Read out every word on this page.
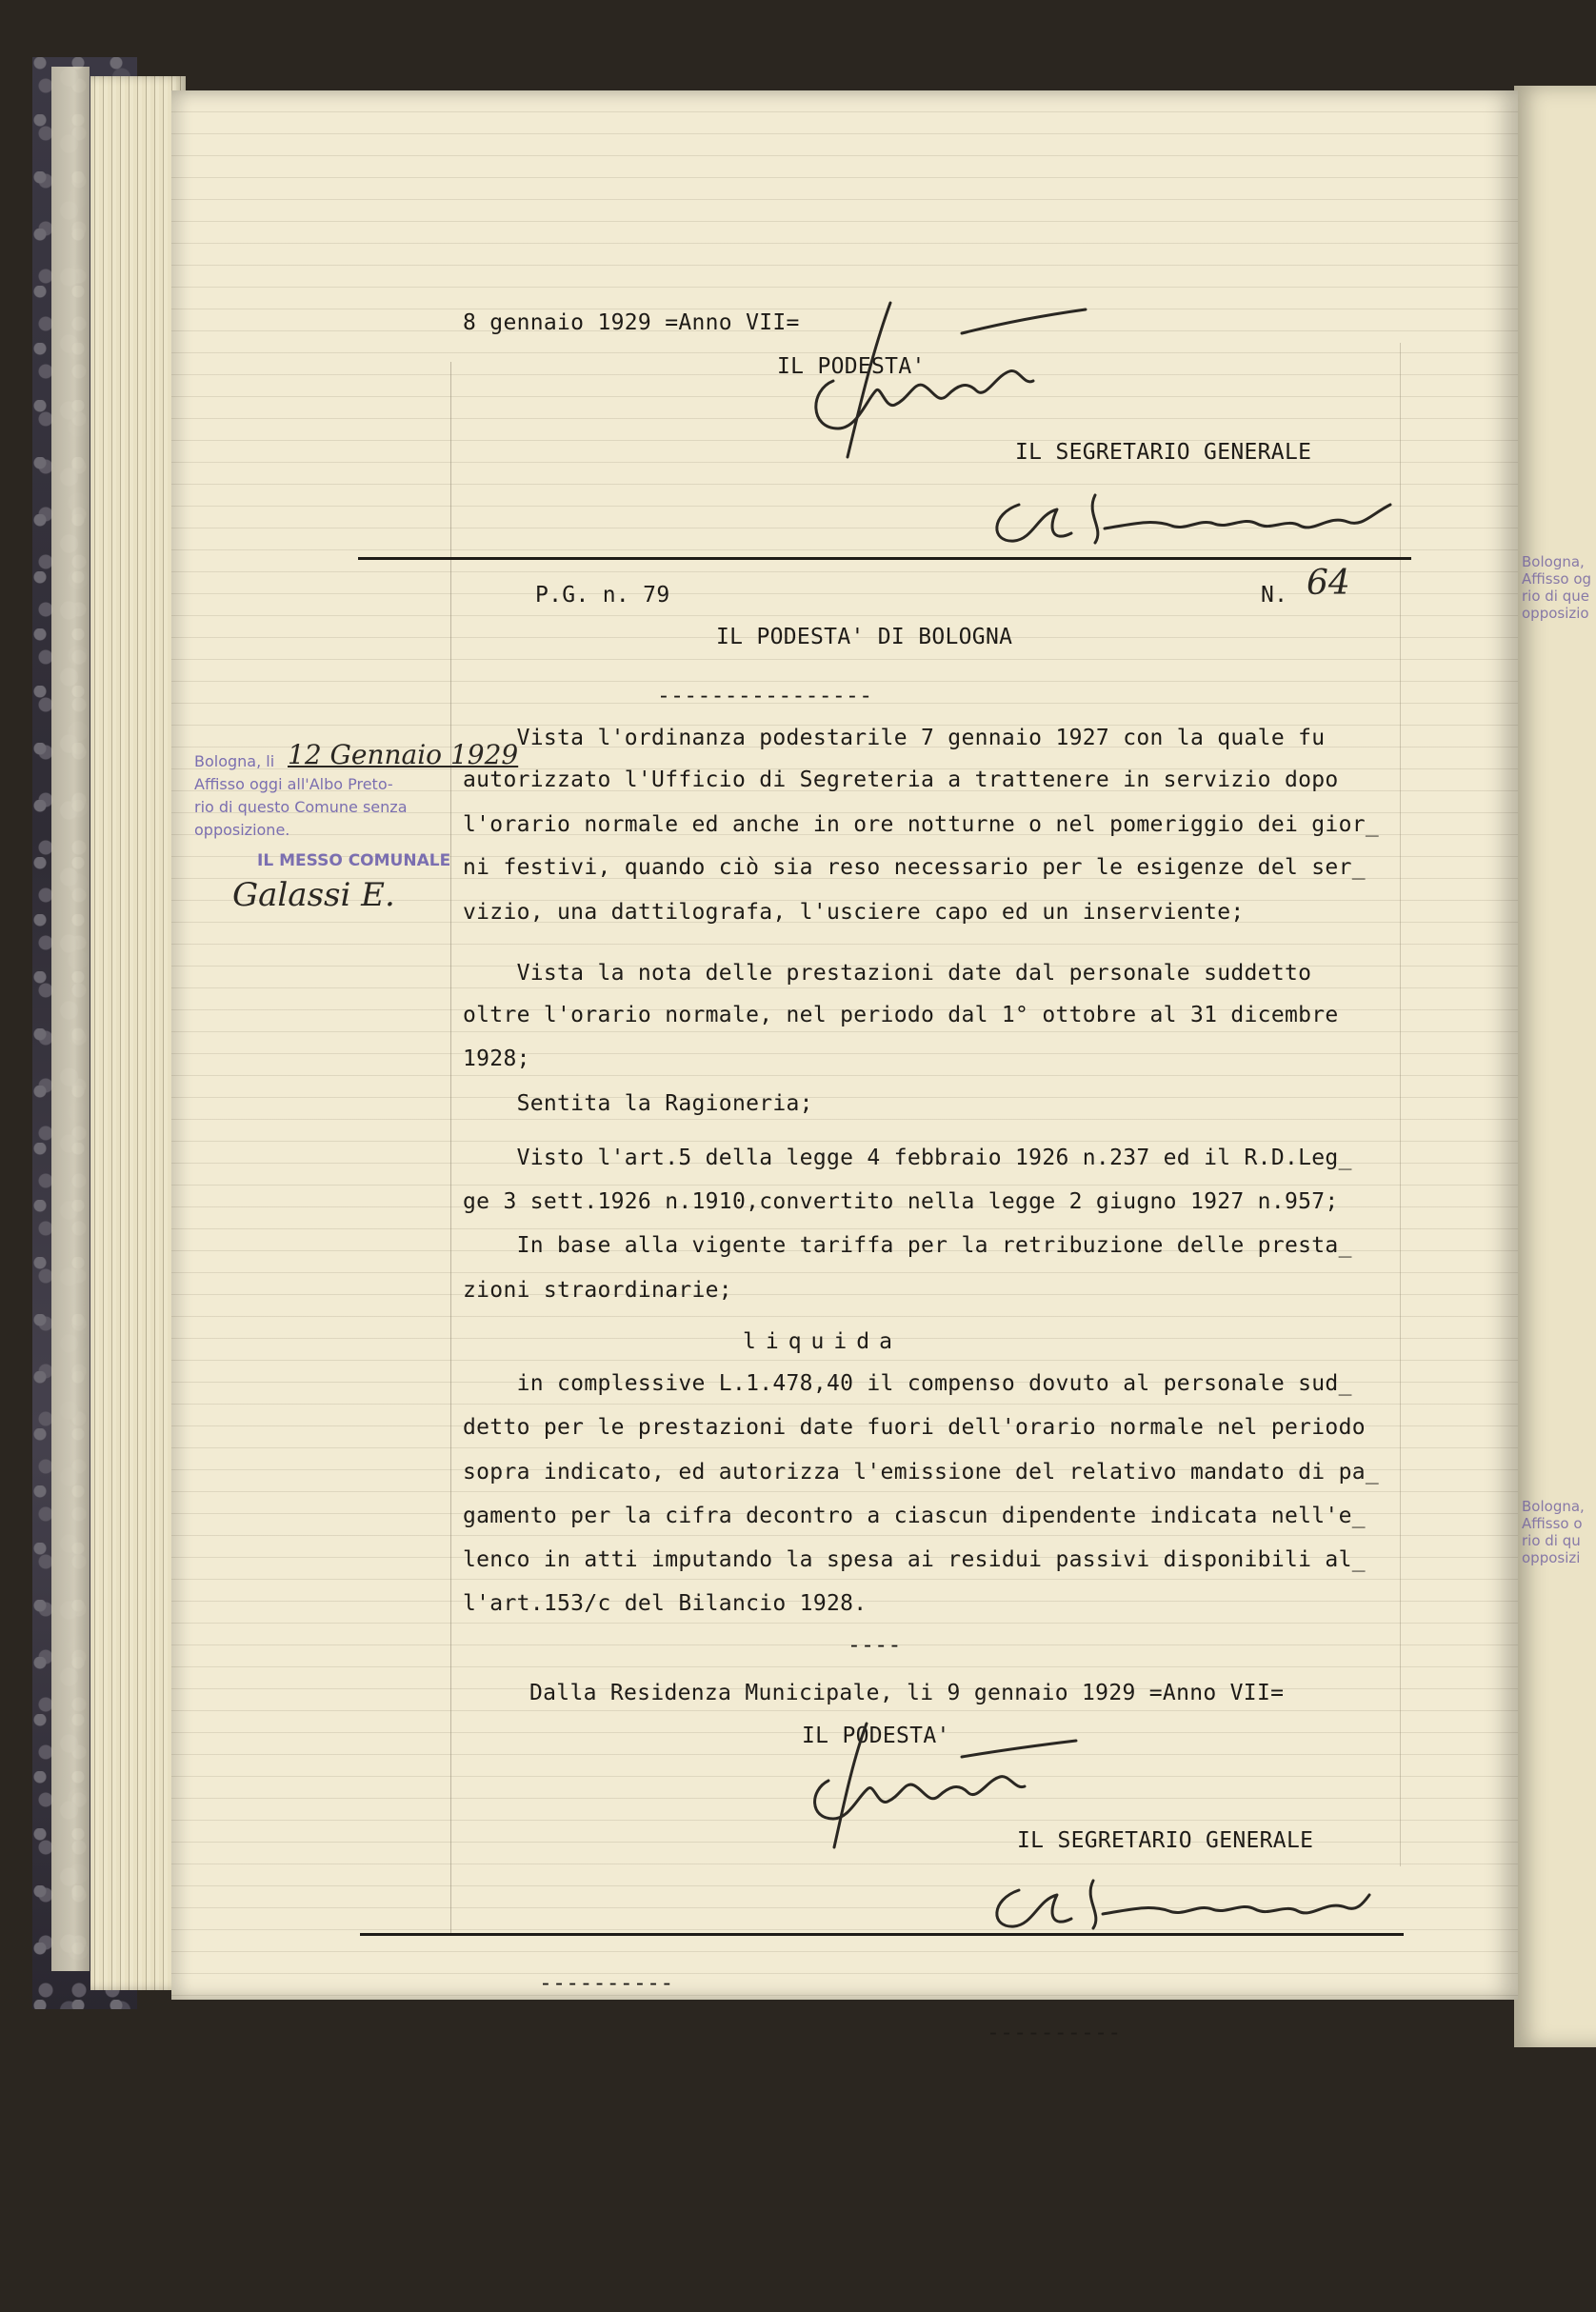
Bologna,
Affisso og
rio di que
opposizio

Bologna,
Affisso o
rio di qu
opposizi

8 gennaio 1929 =Anno VII=

IL PODESTA'

IL SEGRETARIO GENERALE

P.G. n. 79	N. 64

IL PODESTA' DI BOLOGNA

----------------

Bologna, li 12 Gennaio 1929

Affisso oggi all'Albo Preto-

rio di questo Comune senza

opposizione.

IL MESSO COMUNALE

Galassi E.

Vista l'ordinanza podestarile 7 gennaio 1927 con la quale fu

autorizzato l'Ufficio di Segreteria a trattenere in servizio dopo

l'orario normale ed anche in ore notturne o nel pomeriggio dei gior_

ni festivi, quando ciò sia reso necessario per le esigenze del ser_

vizio, una dattilografa, l'usciere capo ed un inserviente;

Vista la nota delle prestazioni date dal personale suddetto

oltre l'orario normale, nel periodo dal 1° ottobre al 31 dicembre

1928;

Sentita la Ragioneria;

Visto l'art.5 della legge 4 febbraio 1926 n.237 ed il R.D.Leg_

ge 3 sett.1926 n.1910,convertito nella legge 2 giugno 1927 n.957;

In base alla vigente tariffa per la retribuzione delle presta_

zioni straordinarie;

liquida

in complessive L.1.478,40 il compenso dovuto al personale sud_

detto per le prestazioni date fuori dell'orario normale nel periodo

sopra indicato, ed autorizza l'emissione del relativo mandato di pa_

gamento per la cifra decontro a ciascun dipendente indicata nell'e_

lenco in atti imputando la spesa ai residui passivi disponibili al_

l'art.153/c del Bilancio 1928.

----

Dalla Residenza Municipale, li 9 gennaio 1929 =Anno VII=

IL PODESTA'

IL SEGRETARIO GENERALE

----------

----------
